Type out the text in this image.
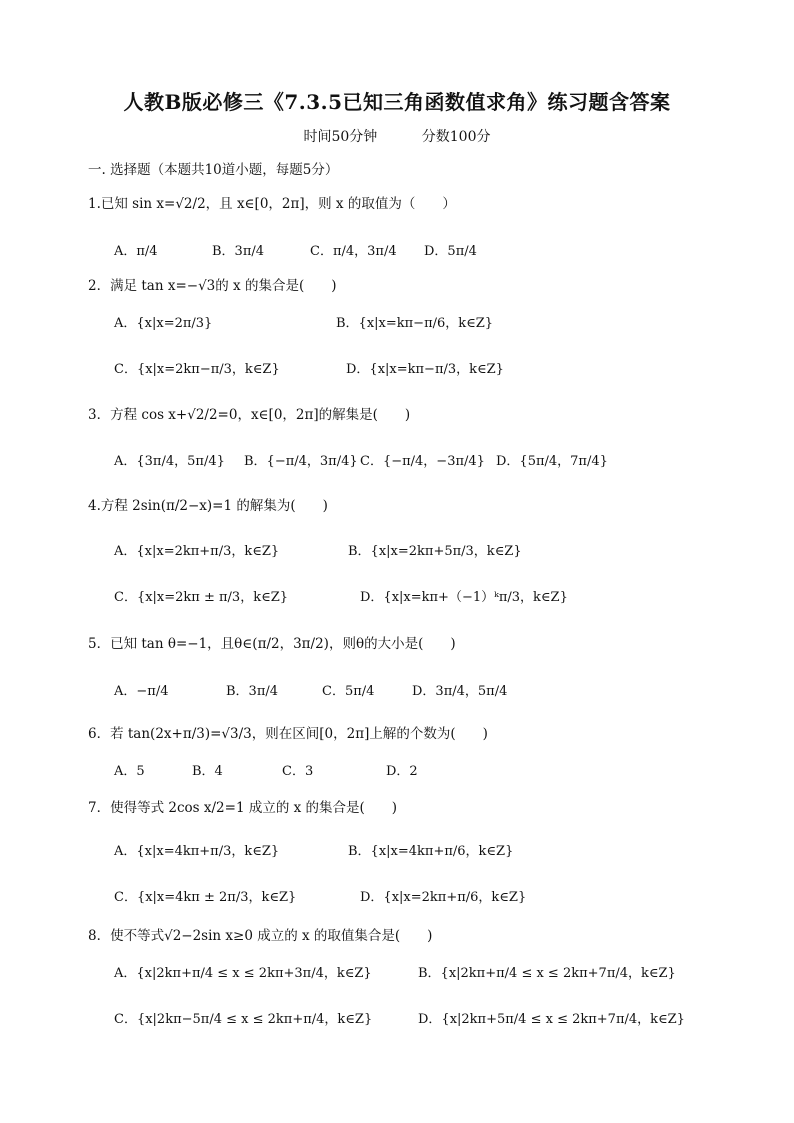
人教B版必修三《7.3.5已知三角函数值求角》练习题含答案
时间50分钟	分数100分
一. 选择题（本题共10道小题，每题5分）
1.已知 sin x=√2/2，且 x∈[0，2π]，则 x 的取值为（　　）
A．π/4	B．3π/4	C．π/4，3π/4 D．5π/4
2．满足 tan x=−√3的 x 的集合是(　　)
A．{x|x=2π/3}	B．{x|x=kπ−π/6，k∈Z}
C．{x|x=2kπ−π/3，k∈Z}	D．{x|x=kπ−π/3，k∈Z}
3．方程 cos x+√2/2=0，x∈[0，2π]的解集是(　　)
A．{3π/4，5π/4} B．{−π/4，3π/4} C．{−π/4，−3π/4} D．{5π/4，7π/4}
4.方程 2sin(π/2−x)=1 的解集为(　　)
A．{x|x=2kπ+π/3，k∈Z}	B．{x|x=2kπ+5π/3，k∈Z}
C．{x|x=2kπ ± π/3，k∈Z}	D．{x|x=kπ+（−1）ᵏπ/3，k∈Z}
5．已知 tan θ=−1，且θ∈(π/2，3π/2)，则θ的大小是(　　)
A．−π/4	B．3π/4	C．5π/4	D．3π/4，5π/4
6．若 tan(2x+π/3)=√3/3，则在区间[0，2π]上解的个数为(　　)
A．5	B．4	C．3	D．2
7．使得等式 2cos x/2=1 成立的 x 的集合是(　　)
A．{x|x=4kπ+π/3，k∈Z}	B．{x|x=4kπ+π/6，k∈Z}
C．{x|x=4kπ ± 2π/3，k∈Z}	D．{x|x=2kπ+π/6，k∈Z}
8．使不等式√2−2sin x≥0 成立的 x 的取值集合是(　　)
A．{x|2kπ+π/4 ≤ x ≤ 2kπ+3π/4，k∈Z}	B．{x|2kπ+π/4 ≤ x ≤ 2kπ+7π/4，k∈Z}
C．{x|2kπ−5π/4 ≤ x ≤ 2kπ+π/4，k∈Z}	D．{x|2kπ+5π/4 ≤ x ≤ 2kπ+7π/4，k∈Z}
